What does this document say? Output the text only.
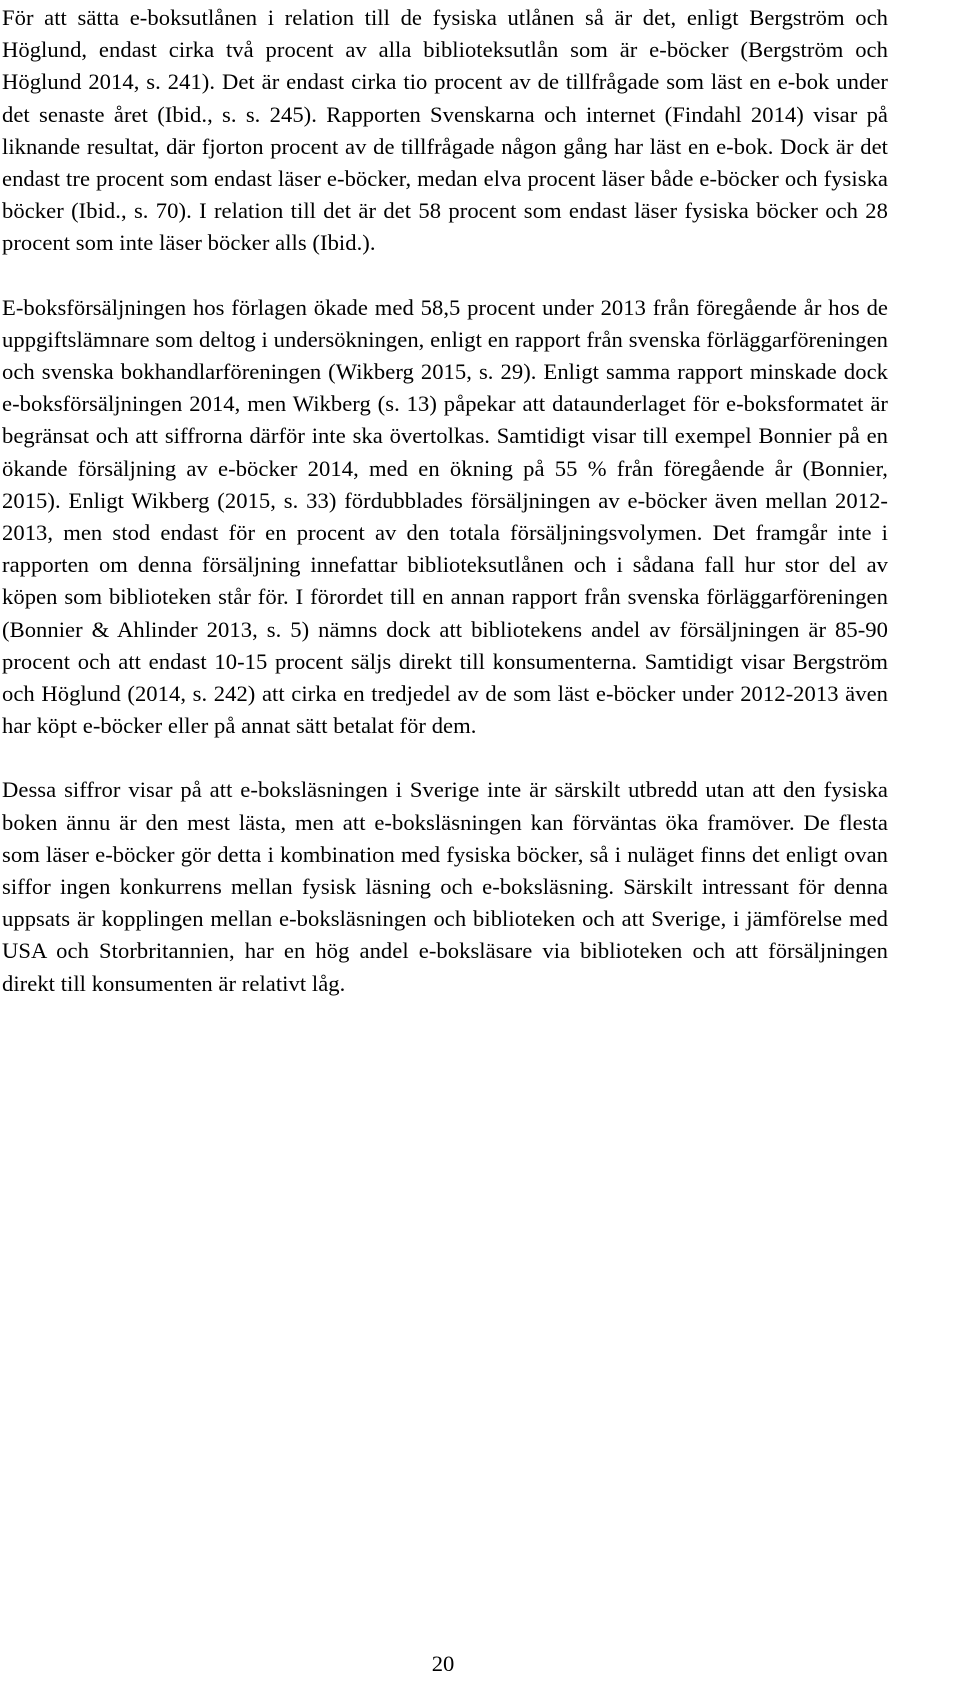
För att sätta e-boksutlånen i relation till de fysiska utlånen så är det, enligt Bergström och Höglund, endast cirka två procent av alla biblioteksutlån som är e-böcker (Bergström och Höglund 2014, s. 241). Det är endast cirka tio procent av de tillfrågade som läst en e-bok under det senaste året (Ibid., s. s. 245). Rapporten Svenskarna och internet (Findahl 2014) visar på liknande resultat, där fjorton procent av de tillfrågade någon gång har läst en e-bok. Dock är det endast tre procent som endast läser e-böcker, medan elva procent läser både e-böcker och fysiska böcker (Ibid., s. 70). I relation till det är det 58 procent som endast läser fysiska böcker och 28 procent som inte läser böcker alls (Ibid.).

E-boksförsäljningen hos förlagen ökade med 58,5 procent under 2013 från föregående år hos de uppgiftslämnare som deltog i undersökningen, enligt en rapport från svenska förläggarföreningen och svenska bokhandlarföreningen (Wikberg 2015, s. 29). Enligt samma rapport minskade dock e-boksförsäljningen 2014, men Wikberg (s. 13) påpekar att dataunderlaget för e-boksformatet är begränsat och att siffrorna därför inte ska övertolkas. Samtidigt visar till exempel Bonnier på en ökande försäljning av e-böcker 2014, med en ökning på 55 % från föregående år (Bonnier, 2015). Enligt Wikberg (2015, s. 33) fördubblades försäljningen av e-böcker även mellan 2012-2013, men stod endast för en procent av den totala försäljningsvolymen. Det framgår inte i rapporten om denna försäljning innefattar biblioteksutlånen och i sådana fall hur stor del av köpen som biblioteken står för. I förordet till en annan rapport från svenska förläggarföreningen (Bonnier & Ahlinder 2013, s. 5) nämns dock att bibliotekens andel av försäljningen är 85-90 procent och att endast 10-15 procent säljs direkt till konsumenterna. Samtidigt visar Bergström och Höglund (2014, s. 242) att cirka en tredjedel av de som läst e-böcker under 2012-2013 även har köpt e-böcker eller på annat sätt betalat för dem.

Dessa siffror visar på att e-boksläsningen i Sverige inte är särskilt utbredd utan att den fysiska boken ännu är den mest lästa, men att e-boksläsningen kan förväntas öka framöver. De flesta som läser e-böcker gör detta i kombination med fysiska böcker, så i nuläget finns det enligt ovan siffor ingen konkurrens mellan fysisk läsning och e-boksläsning. Särskilt intressant för denna uppsats är kopplingen mellan e-boksläsningen och biblioteken och att Sverige, i jämförelse med USA och Storbritannien, har en hög andel e-boksläsare via biblioteken och att försäljningen direkt till konsumenten är relativt låg.

20
